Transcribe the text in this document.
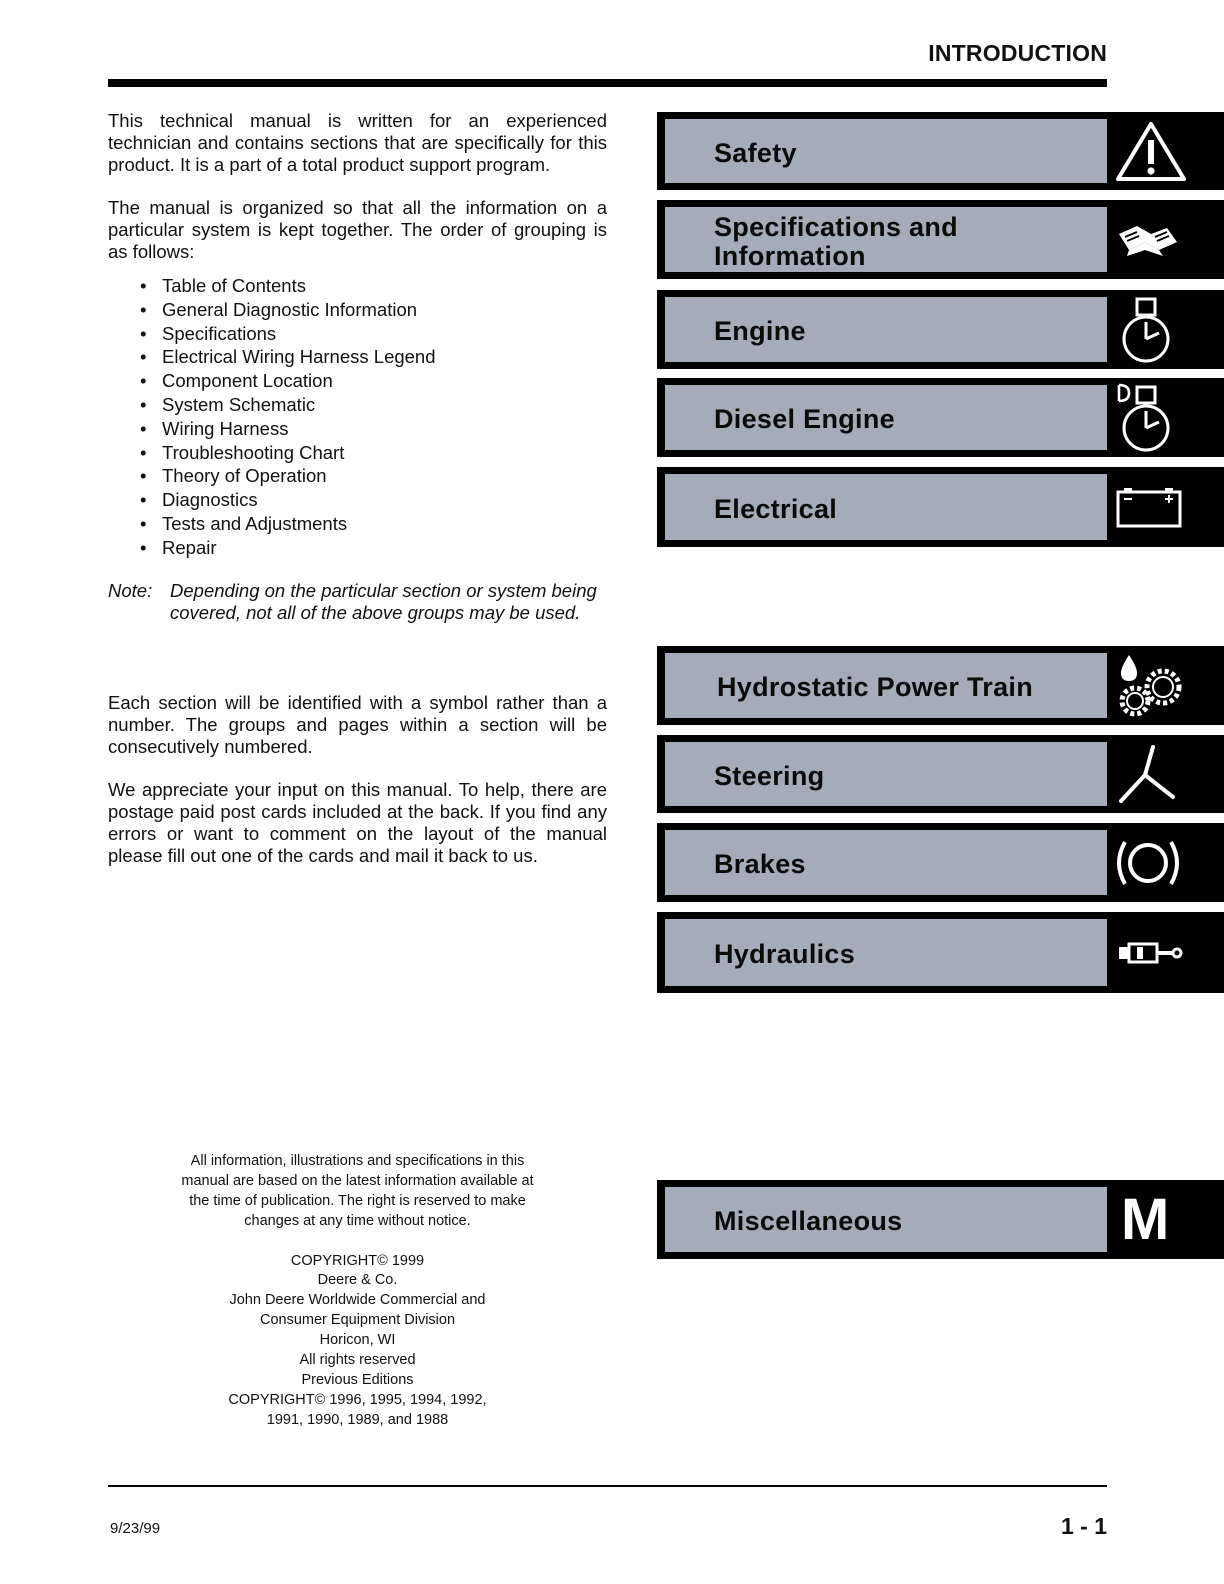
INTRODUCTION

This technical manual is written for an experienced technician and contains sections that are specifically for this product. It is a part of a total product support program.

The manual is organized so that all the information on a particular system is kept together. The order of grouping is as follows:

• Table of Contents
• General Diagnostic Information
• Specifications
• Electrical Wiring Harness Legend
• Component Location
• System Schematic
• Wiring Harness
• Troubleshooting Chart
• Theory of Operation
• Diagnostics
• Tests and Adjustments
• Repair
Note: Depending on the particular section or system being covered, not all of the above groups may be used.

Each section will be identified with a symbol rather than a number. The groups and pages within a section will be consecutively numbered.

We appreciate your input on this manual. To help, there are postage paid post cards included at the back. If you find any errors or want to comment on the layout of the manual please fill out one of the cards and mail it back to us.

Safety
Specifications and Information
Engine
Diesel Engine
Electrical
Hydrostatic Power Train
Steering
Brakes
Hydraulics
Miscellaneous	M

All information, illustrations and specifications in this manual are based on the latest information available at the time of publication. The right is reserved to make changes at any time without notice.

COPYRIGHT© 1999
Deere & Co.
John Deere Worldwide Commercial and
Consumer Equipment Division
Horicon, WI
All rights reserved
Previous Editions
COPYRIGHT© 1996, 1995, 1994, 1992,
1991, 1990, 1989, and 1988
9/23/99	1 - 1
